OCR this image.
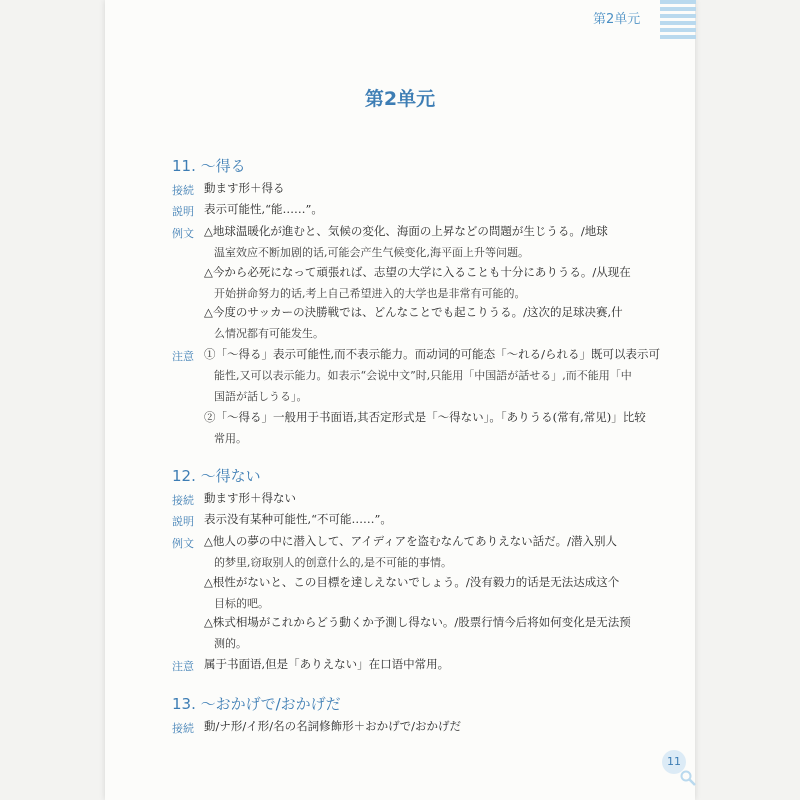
第2单元
第2单元
11. ～得る
接続 動ます形＋得る
説明 表示可能性,“能……”。
例文 △地球温暖化が進むと、気候の変化、海面の上昇などの問題が生じうる。/地球
温室效应不断加剧的话,可能会产生气候变化,海平面上升等问题。
△今から必死になって頑張れば、志望の大学に入ることも十分にありうる。/从现在
开始拼命努力的话,考上自己希望进入的大学也是非常有可能的。
△今度のサッカーの決勝戦では、どんなことでも起こりうる。/这次的足球决赛,什
么情况都有可能发生。
注意 ①「～得る」表示可能性,而不表示能力。而动词的可能态「～れる/られる」既可以表示可
能性,又可以表示能力。如表示“会说中文”时,只能用「中国語が話せる」,而不能用「中
国語が話しうる」。
②「～得る」一般用于书面语,其否定形式是「～得ない」。「ありうる(常有,常见)」比较
常用。
12. ～得ない
接続 動ます形＋得ない
説明 表示没有某种可能性,“不可能……”。
例文 △他人の夢の中に潜入して、アイディアを盗むなんてありえない話だ。/潜入别人
的梦里,窃取别人的创意什么的,是不可能的事情。
△根性がないと、この目標を達しえないでしょう。/没有毅力的话是无法达成这个
目标的吧。
△株式相場がこれからどう動くか予測し得ない。/股票行情今后将如何变化是无法预
测的。
注意 属于书面语,但是「ありえない」在口语中常用。
13. ～おかげで/おかげだ
接続 動/ナ形/イ形/名の名詞修飾形＋おかげで/おかげだ
11
